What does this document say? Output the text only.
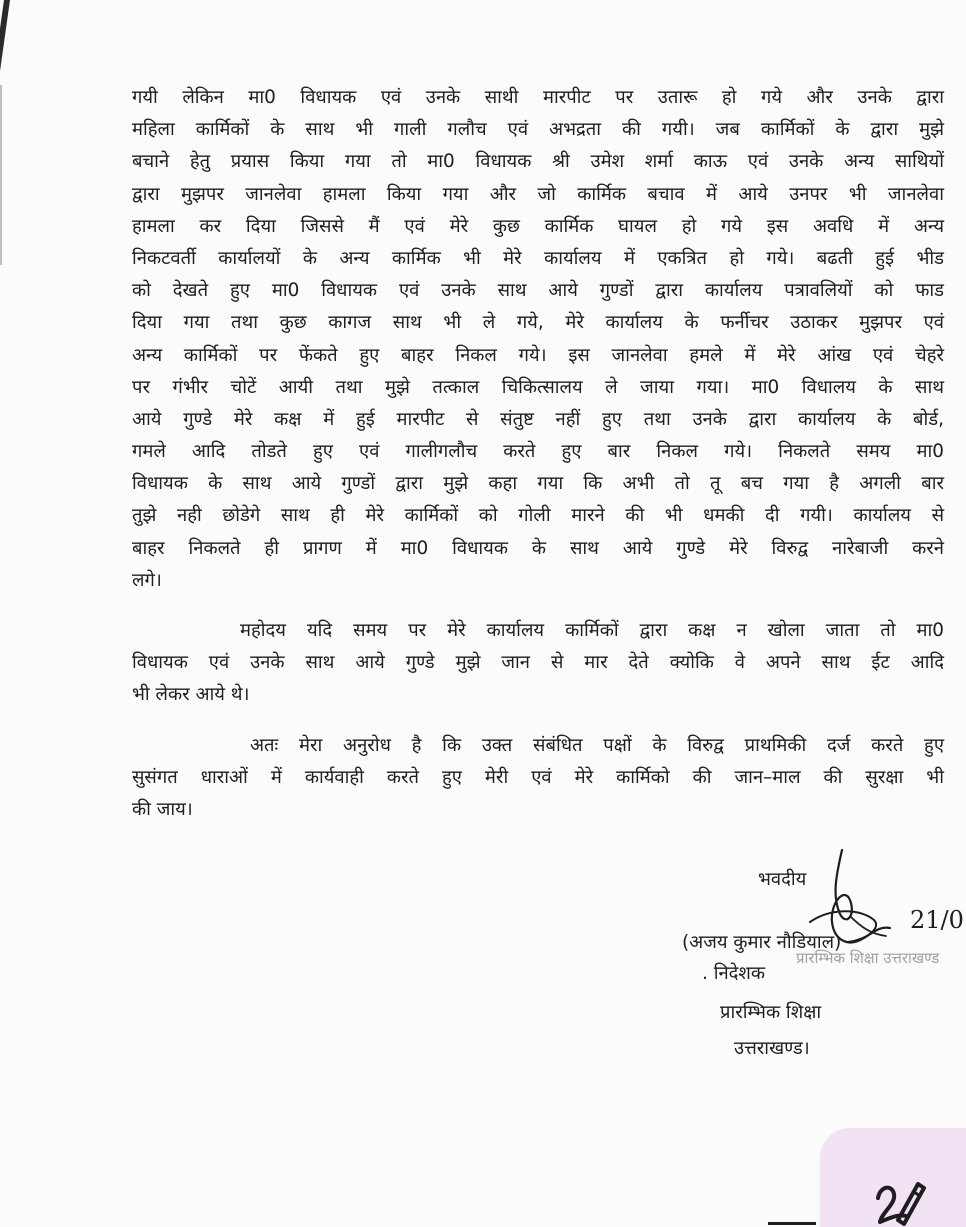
गयी लेकिन मा0 विधायक एवं उनके साथी मारपीट पर उतारू हो गये और उनके द्वारा
महिला कार्मिकों के साथ भी गाली गलौच एवं अभद्रता की गयी। जब कार्मिकों के द्वारा मुझे
बचाने हेतु प्रयास किया गया तो मा0 विधायक श्री उमेश शर्मा काऊ एवं उनके अन्य साथियों
द्वारा मुझपर जानलेवा हामला किया गया और जो कार्मिक बचाव में आये उनपर भी जानलेवा
हामला कर दिया जिससे मैं एवं मेरे कुछ कार्मिक घायल हो गये इस अवधि में अन्य
निकटवर्ती कार्यालयों के अन्य कार्मिक भी मेरे कार्यालय में एकत्रित हो गये। बढती हुई भीड
को देखते हुए मा0 विधायक एवं उनके साथ आये गुण्डों द्वारा कार्यालय पत्रावलियों को फाड
दिया गया तथा कुछ कागज साथ भी ले गये, मेरे कार्यालय के फर्नीचर उठाकर मुझपर एवं
अन्य कार्मिकों पर फेंकते हुए बाहर निकल गये। इस जानलेवा हमले में मेरे आंख एवं चेहरे
पर गंभीर चोटें आयी तथा मुझे तत्काल चिकित्सालय ले जाया गया। मा0 विधालय के साथ
आये गुण्डे मेरे कक्ष में हुई मारपीट से संतुष्ट नहीं हुए तथा उनके द्वारा कार्यालय के बोर्ड,
गमले आदि तोडते हुए एवं गालीगलौच करते हुए बार निकल गये। निकलते समय मा0
विधायक के साथ आये गुण्डों द्वारा मुझे कहा गया कि अभी तो तू बच गया है अगली बार
तुझे नही छोडेगे साथ ही मेरे कार्मिकों को गोली मारने की भी धमकी दी गयी। कार्यालय से
बाहर निकलते ही प्रागण में मा0 विधायक के साथ आये गुण्डे मेरे विरुद्व नारेबाजी करने
लगे।
महोदय यदि समय पर मेरे कार्यालय कार्मिकों द्वारा कक्ष न खोला जाता तो मा0
विधायक एवं उनके साथ आये गुण्डे मुझे जान से मार देते क्योकि वे अपने साथ ईट आदि
भी लेकर आये थे।
अतः मेरा अनुरोध है कि उक्त संबंधित पक्षों के विरुद्व प्राथमिकी दर्ज करते हुए
सुसंगत धाराओं में कार्यवाही करते हुए मेरी एवं मेरे कार्मिको की जान–माल की सुरक्षा भी
की जाय।
भवदीय
प्रारम्भिक शिक्षा उत्तराखण्ड
21/0
(अजय कुमार नौडियाल)
. निदेशक
प्रारम्भिक शिक्षा
उत्तराखण्ड।
